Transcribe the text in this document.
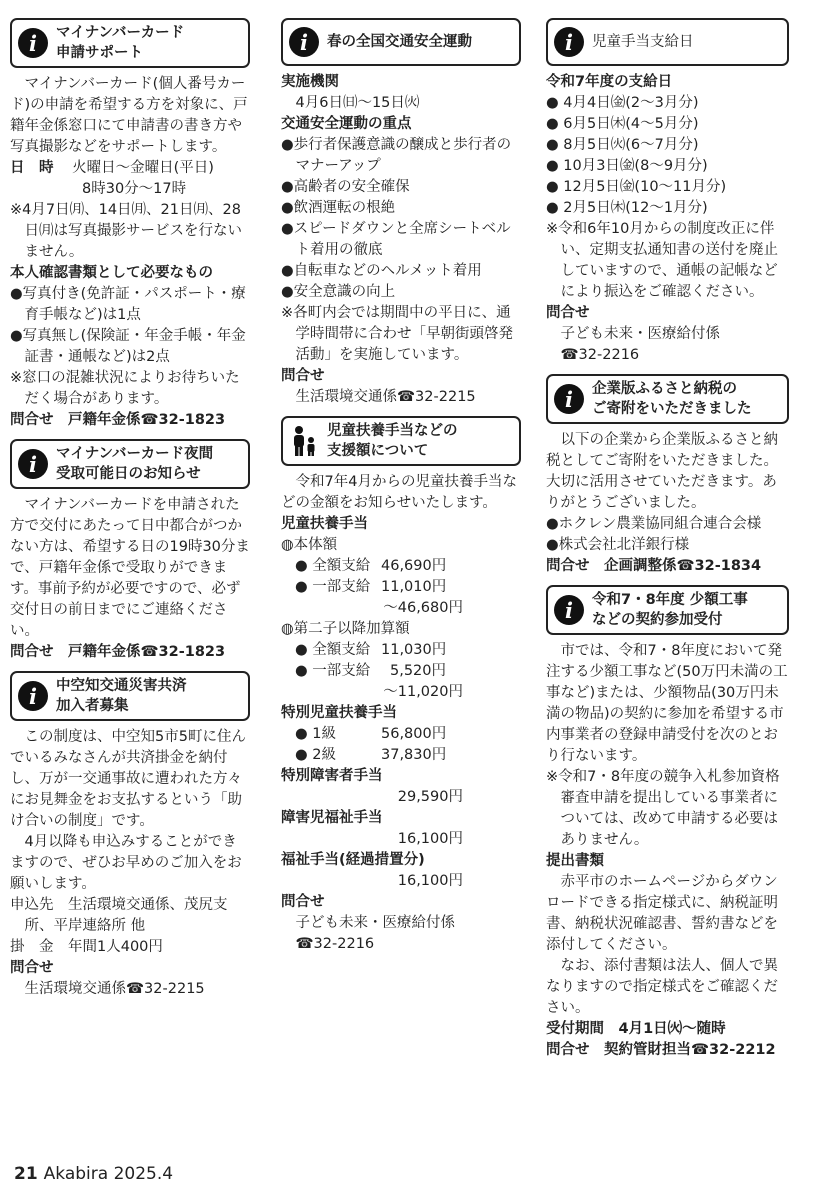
i	マイナンバーカード
申請サポート

マイナンバーカード(個人番号カード)の申請を希望する方を対象に、戸籍年金係窓口にて申請書の書き方や写真撮影などをサポートします。

日　時 火曜日～金曜日(平日)

8時30分～17時

※4月7日㈪、14日㈪、21日㈪、28日㈪は写真撮影サービスを行ないません。

本人確認書類として必要なもの

●写真付き(免許証・パスポート・療育手帳など)は1点

●写真無し(保険証・年金手帳・年金証書・通帳など)は2点

※窓口の混雑状況によりお待ちいただく場合があります。

問合せ　戸籍年金係☎32-1823

i	マイナンバーカード夜間
受取可能日のお知らせ

マイナンバーカードを申請された方で交付にあたって日中都合がつかない方は、希望する日の19時30分まで、戸籍年金係で受取りができます。事前予約が必要ですので、必ず交付日の前日までにご連絡ください。

問合せ　戸籍年金係☎32-1823

i	中空知交通災害共済
加入者募集

この制度は、中空知5市5町に住んでいるみなさんが共済掛金を納付し、万が一交通事故に遭われた方々にお見舞金をお支払するという「助け合いの制度」です。

4月以降も申込みすることができますので、ぜひお早めのご加入をお願いします。

申込先　生活環境交通係、茂尻支所、平岸連絡所 他

掛　金　年間1人400円

問合せ

生活環境交通係☎32-2215

i	春の全国交通安全運動

実施機関

4月6日㈰～15日㈫

交通安全運動の重点

●歩行者保護意識の醸成と歩行者のマナーアップ

●高齢者の安全確保

●飲酒運転の根絶

●スピードダウンと全席シートベルト着用の徹底

●自転車などのヘルメット着用

●安全意識の向上

※各町内会では期間中の平日に、通学時間帯に合わせ「早朝街頭啓発活動」を実施しています。

問合せ

生活環境交通係☎32-2215

児童扶養手当などの
支援額について

令和7年4月からの児童扶養手当などの金額をお知らせいたします。

児童扶養手当

◍本体額

● 全額支給 46,690円

● 一部支給 11,010円

～46,680円

◍第二子以降加算額

● 全額支給 11,030円

● 一部支給	5,520円

～11,020円

特別児童扶養手当

● 1級	56,800円

● 2級	37,830円

特別障害者手当

29,590円

障害児福祉手当

16,100円

福祉手当(経過措置分)

16,100円

問合せ

子ども未来・医療給付係

☎32-2216

i	児童手当支給日

令和7年度の支給日

● 4月4日㈮(2～3月分)

● 6月5日㈭(4～5月分)

● 8月5日㈫(6～7月分)

● 10月3日㈮(8～9月分)

● 12月5日㈮(10～11月分)

● 2月5日㈭(12～1月分)

※令和6年10月からの制度改正に伴い、定期支払通知書の送付を廃止していますので、通帳の記帳などにより振込をご確認ください。

問合せ

子ども未来・医療給付係

☎32-2216

i	企業版ふるさと納税の
ご寄附をいただきました

以下の企業から企業版ふるさと納税としてご寄附をいただきました。大切に活用させていただきます。ありがとうございました。

●ホクレン農業協同組合連合会様

●株式会社北洋銀行様

問合せ　企画調整係☎32-1834

i	令和7・8年度 少額工事
などの契約参加受付

市では、令和7・8年度において発注する少額工事など(50万円未満の工事など)または、少額物品(30万円未満の物品)の契約に参加を希望する市内事業者の登録申請受付を次のとおり行ないます。

※令和7・8年度の競争入札参加資格審査申請を提出している事業者については、改めて申請する必要はありません。

提出書類

赤平市のホームページからダウンロードできる指定様式に、納税証明書、納税状況確認書、誓約書などを添付してください。

なお、添付書類は法人、個人で異なりますので指定様式をご確認ください。

受付期間　4月1日㈫～随時

問合せ　契約管財担当☎32-2212

21 Akabira 2025.4
